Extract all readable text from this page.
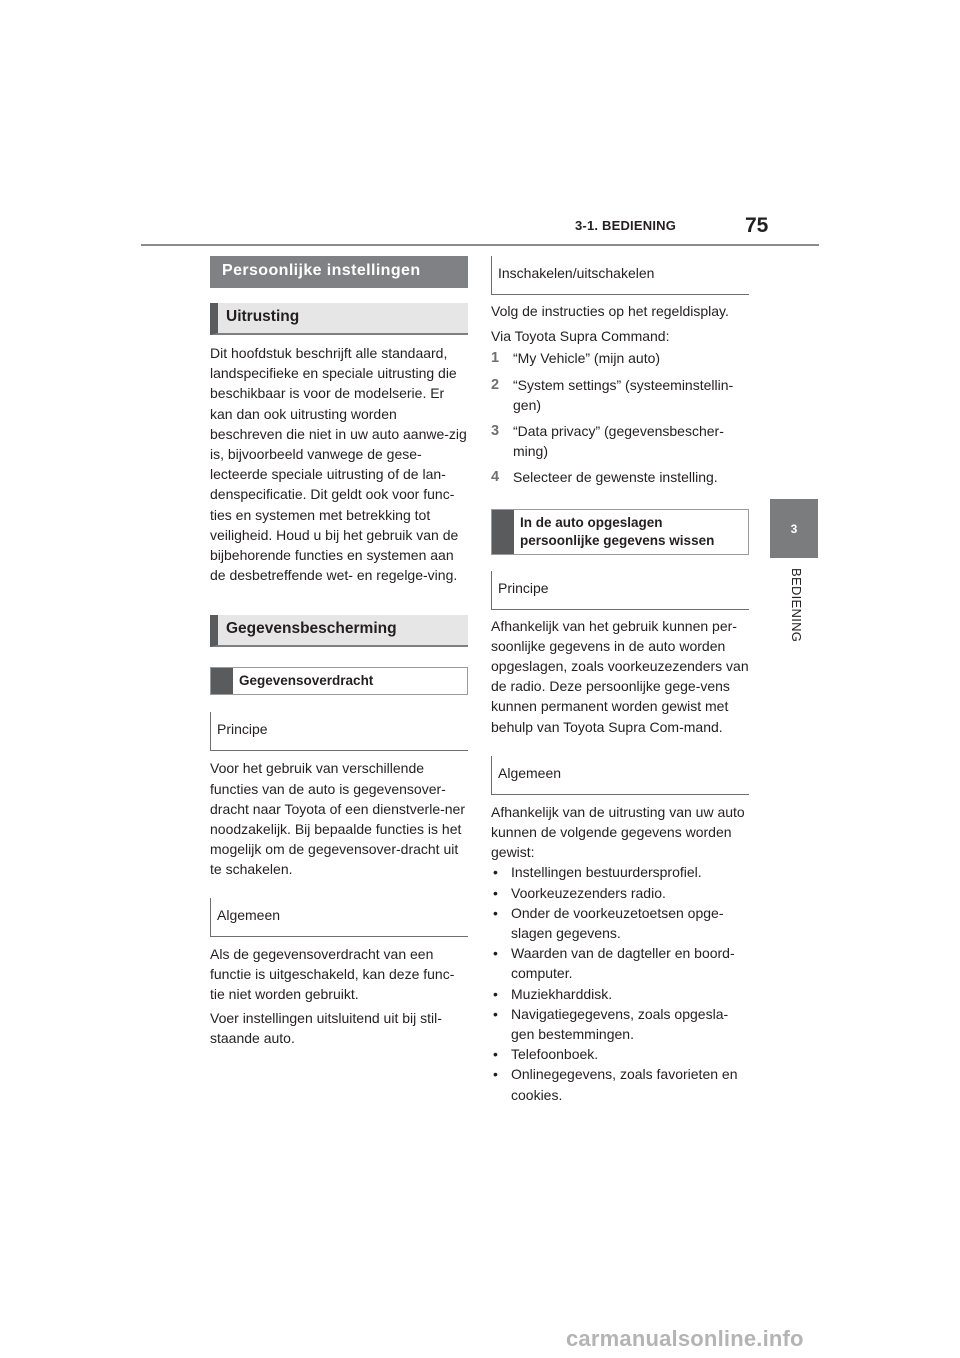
3-1. BEDIENING	75
3
BEDIENING
Persoonlijke instellingen
Uitrusting

Dit hoofdstuk beschrijft alle standaard, landspecifieke en speciale uitrusting die beschikbaar is voor de modelserie. Er kan dan ook uitrusting worden beschreven die niet in uw auto aanwe-zig is, bijvoorbeeld vanwege de gese-lecteerde speciale uitrusting of de lan-denspecificatie. Dit geldt ook voor func-ties en systemen met betrekking tot veiligheid. Houd u bij het gebruik van de bijbehorende functies en systemen aan de desbetreffende wet- en regelge-ving.

Gegevensbescherming
Gegevensoverdracht
Principe

Voor het gebruik van verschillende functies van de auto is gegevensover-dracht naar Toyota of een dienstverle-ner noodzakelijk. Bij bepaalde functies is het mogelijk om de gegevensover-dracht uit te schakelen.

Algemeen

Als de gegevensoverdracht van een functie is uitgeschakeld, kan deze func-tie niet worden gebruikt.

Voer instellingen uitsluitend uit bij stil-staande auto.

Inschakelen/uitschakelen

Volg de instructies op het regeldisplay.

Via Toyota Supra Command:

1 “My Vehicle” (mijn auto)
2 “System settings” (systeeminstellin-gen)
3 “Data privacy” (gegevensbescher-ming)
4 Selecteer de gewenste instelling.
In de auto opgeslagen persoonlijke gegevens wissen
Principe

Afhankelijk van het gebruik kunnen per-soonlijke gegevens in de auto worden opgeslagen, zoals voorkeuzezenders van de radio. Deze persoonlijke gege-vens kunnen permanent worden gewist met behulp van Toyota Supra Com-mand.

Algemeen

Afhankelijk van de uitrusting van uw auto kunnen de volgende gegevens worden gewist:

• Instellingen bestuurdersprofiel.
• Voorkeuzezenders radio.
• Onder de voorkeuzetoetsen opge-slagen gegevens.
• Waarden van de dagteller en boord-computer.
• Muziekharddisk.
• Navigatiegegevens, zoals opgesla-gen bestemmingen.
• Telefoonboek.
• Onlinegegevens, zoals favorieten en cookies.
carmanualsonline.info
